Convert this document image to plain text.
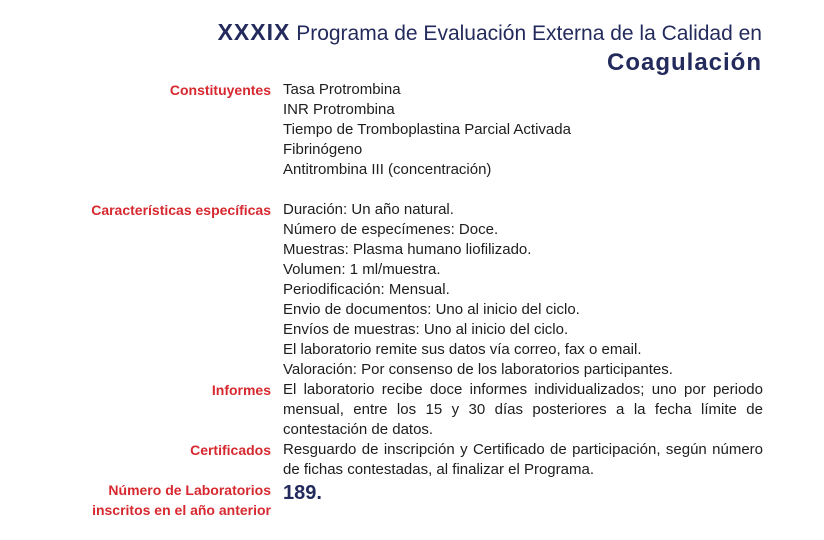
XXXIX Programa de Evaluación Externa de la Calidad en
Coagulación
Constituyentes Tasa Protrombina
INR Protrombina
Tiempo de Tromboplastina Parcial Activada
Fibrinógeno
Antitrombina III (concentración)
Características específicas Duración: Un año natural.
Número de especímenes: Doce.
Muestras: Plasma humano liofilizado.
Volumen: 1 ml/muestra.
Periodificación: Mensual.
Envio de documentos: Uno al inicio del ciclo.
Envíos de muestras: Uno al inicio del ciclo.
El laboratorio remite sus datos vía correo, fax o email.
Valoración: Por consenso de los laboratorios participantes.
Informes El laboratorio recibe doce informes individualizados; uno por periodo mensual, entre los 15 y 30 días posteriores a la fecha límite de contestación de datos.
Certificados Resguardo de inscripción y Certificado de participación, según número de fichas contestadas, al finalizar el Programa.
Número de Laboratorios
inscritos en el año anterior
189.
